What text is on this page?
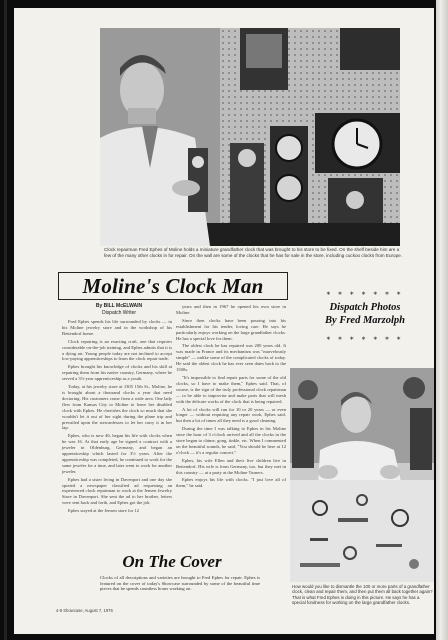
Clock repairman Fred Ephes of Moline holds a miniature grandfather clock that was brought to his store to be fixed. On the shelf beside him are a few of the many other clocks in for repair. On the wall are some of the clocks that he has for sale in the store, including cuckoo clocks from Europe.
Moline's Clock Man	* * * * * * *
Dispatch Photos
By Fred Marzolph
* * * * * * *
By BILL McELWAIN
Dispatch Writer

Fred Ephes spends his life surrounded by clocks — in his Moline jewelry store and in the workshop of his Bettendorf home.

Clock repairing is an exacting craft, one that requires considerable on-the-job training, and Ephes admits that it is a dying art. Young people today are not inclined to accept low-paying apprenticeships to learn the clock repair trade.

Ephes brought his knowledge of clocks and his skill at repairing them from his native country, Germany, where he served a 3½-year apprenticeship as a youth.

Today, at his jewelry store at 1305 15th St., Moline, he is brought about a thousand clocks a year that need doctoring. His customers come from a wide area. One lady flew from Kansas City to Moline to leave her disabled clock with Ephes. He cherishes the clock so much that she wouldn't let it out of her sight during the plane trip and prevailed upon the stewardesses to let her carry it in her lap.

Ephes, who is now 46, began his life with clocks when he was 16. At that early age he signed a contract with a jeweler in Oldenburg, Germany, and began an apprenticeship which lasted for 3½ years. After the apprenticeship was completed, he continued to work for the same jeweler for a time, and later went to work for another jeweler.

Ephes had a sister living in Davenport and one day she spotted a newspaper classified ad requesting an experienced clock repairman to work at the Jensen Jewelry Store in Davenport. She sent the ad to her brother, letters were sent back and forth, and Ephes got the job.

Ephes stayed at the Jensen store for 12

years and then in 1967 he opened his own store in Moline.

Since then clocks have been pouring into his establishment for his tender, loving care. He says he particularly enjoys working on the large grandfather clocks. He has a special love for them.

The oldest clock he has repaired was 200 years old. It was made in France and its mechanism was "marvelously simple" — unlike some of the complicated clocks of today. He said the oldest clock he has ever seen dates back to the 1500s.

"It's impossible to find repair parts for some of the old clocks, so I have to make them," Ephes said. That, of course, is the sign of the truly professional clock repairman — to be able to improvise and make parts that will mesh with the delicate works of the clock that is being repaired.

A lot of clocks will run for 10 or 20 years — or even longer — without requiring any repair work, Ephes said, but then a lot of times all they need is a good cleaning.

During the time I was talking to Ephes in his Moline store the hour of 3 o'clock arrived and all the clocks in the store began to chime, gong, tinkle, etc. When I commented on the beautiful sounds, he said, "You should be here at 12 o'clock — it's a regular concert."

Ephes, his wife Ellen and their five children live in Bettendorf. His wife is from Germany, too, but they met in this country — at a party at the Moline Turners.

Ephes enjoys his life with clocks. "I just love all of them," he said.

On The Cover
Clocks of all descriptions and varieties are brought to Fred Ephes for repair. Ephes is featured on the cover of today's Showcase surrounded by some of the beautiful time pieces that he spends countless hours working on.	How would you like to dismantle the 100 or more parts of a grandfather clock, clean and repair them, and then put them all back together again? That is what Fred Ephes is doing in this picture. He says he has a special fondness for working on the large grandfather clocks.
4-8 Showcase, August 7, 1976
